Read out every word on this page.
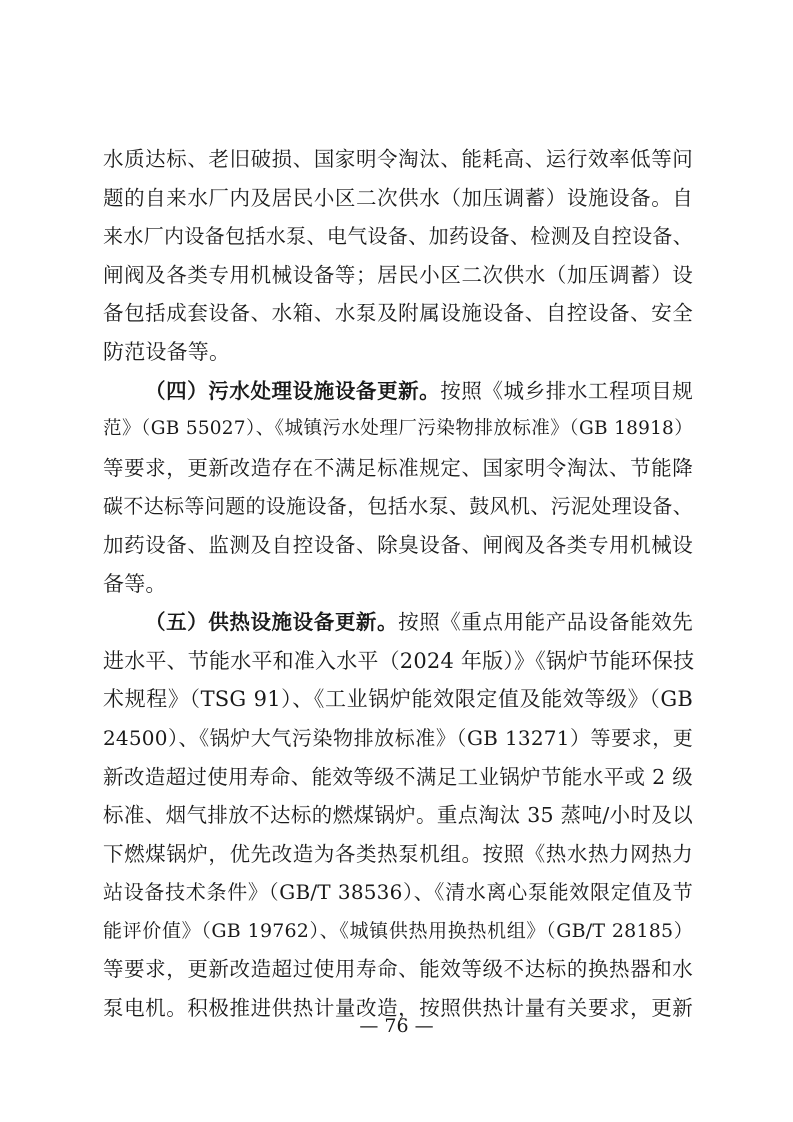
水质达标、老旧破损、国家明令淘汰、能耗高、运行效率低等问
题的自来水厂内及居民小区二次供水（加压调蓄）设施设备。自
来水厂内设备包括水泵、电气设备、加药设备、检测及自控设备、
闸阀及各类专用机械设备等；居民小区二次供水（加压调蓄）设
备包括成套设备、水箱、水泵及附属设施设备、自控设备、安全
防范设备等。
（四）污水处理设施设备更新。按照《城乡排水工程项目规
范》（GB 55027）、《城镇污水处理厂污染物排放标准》（GB 18918）
等要求，更新改造存在不满足标准规定、国家明令淘汰、节能降
碳不达标等问题的设施设备，包括水泵、鼓风机、污泥处理设备、
加药设备、监测及自控设备、除臭设备、闸阀及各类专用机械设
备等。
（五）供热设施设备更新。按照《重点用能产品设备能效先
进水平、节能水平和准入水平（2024 年版）》《锅炉节能环保技
术规程》（TSG 91）、《工业锅炉能效限定值及能效等级》（GB
24500）、《锅炉大气污染物排放标准》（GB 13271）等要求，更
新改造超过使用寿命、能效等级不满足工业锅炉节能水平或 2 级
标准、烟气排放不达标的燃煤锅炉。重点淘汰 35 蒸吨/小时及以
下燃煤锅炉，优先改造为各类热泵机组。按照《热水热力网热力
站设备技术条件》（GB/T 38536）、《清水离心泵能效限定值及节
能评价值》（GB 19762）、《城镇供热用换热机组》（GB/T 28185）
等要求，更新改造超过使用寿命、能效等级不达标的换热器和水
泵电机。积极推进供热计量改造，按照供热计量有关要求，更新
— 76 —
